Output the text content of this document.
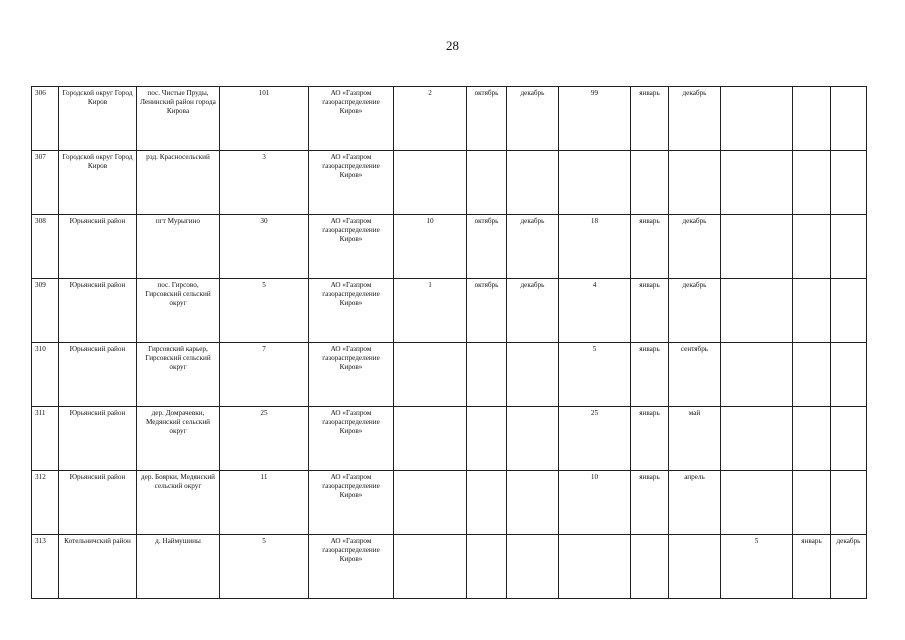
28
306	Городской округ Город Киров	пос. Чистые Пруды, Ленинский район города Кирова	101	АО «Газпром газораспределение Киров»	2	октябрь	декабрь	99	январь	декабрь			
307	Городской округ Город Киров	рзд. Красносельский	3	АО «Газпром газораспределение Киров»									
308	Юрьянский район	пгт Мурыгино	30	АО «Газпром газораспределение Киров»	10	октябрь	декабрь	18	январь	декабрь			
309	Юрьянский район	пос. Гирсово, Гирсовский сельский округ	5	АО «Газпром газораспределение Киров»	1	октябрь	декабрь	4	январь	декабрь			
310	Юрьянский район	Гирсовский карьер, Гирсовский сельский округ	7	АО «Газпром газораспределение Киров»				5	январь	сентябрь			
311	Юрьянский район	дер. Домрачевки, Медянский сельский округ	25	АО «Газпром газораспределение Киров»				25	январь	май			
312	Юрьянский район	дер. Боярки, Медянский сельский округ	11	АО «Газпром газораспределение Киров»				10	январь	апрель			
313	Котельничский район	д. Наймушины	5	АО «Газпром газораспределение Киров»							5	январь	декабрь
